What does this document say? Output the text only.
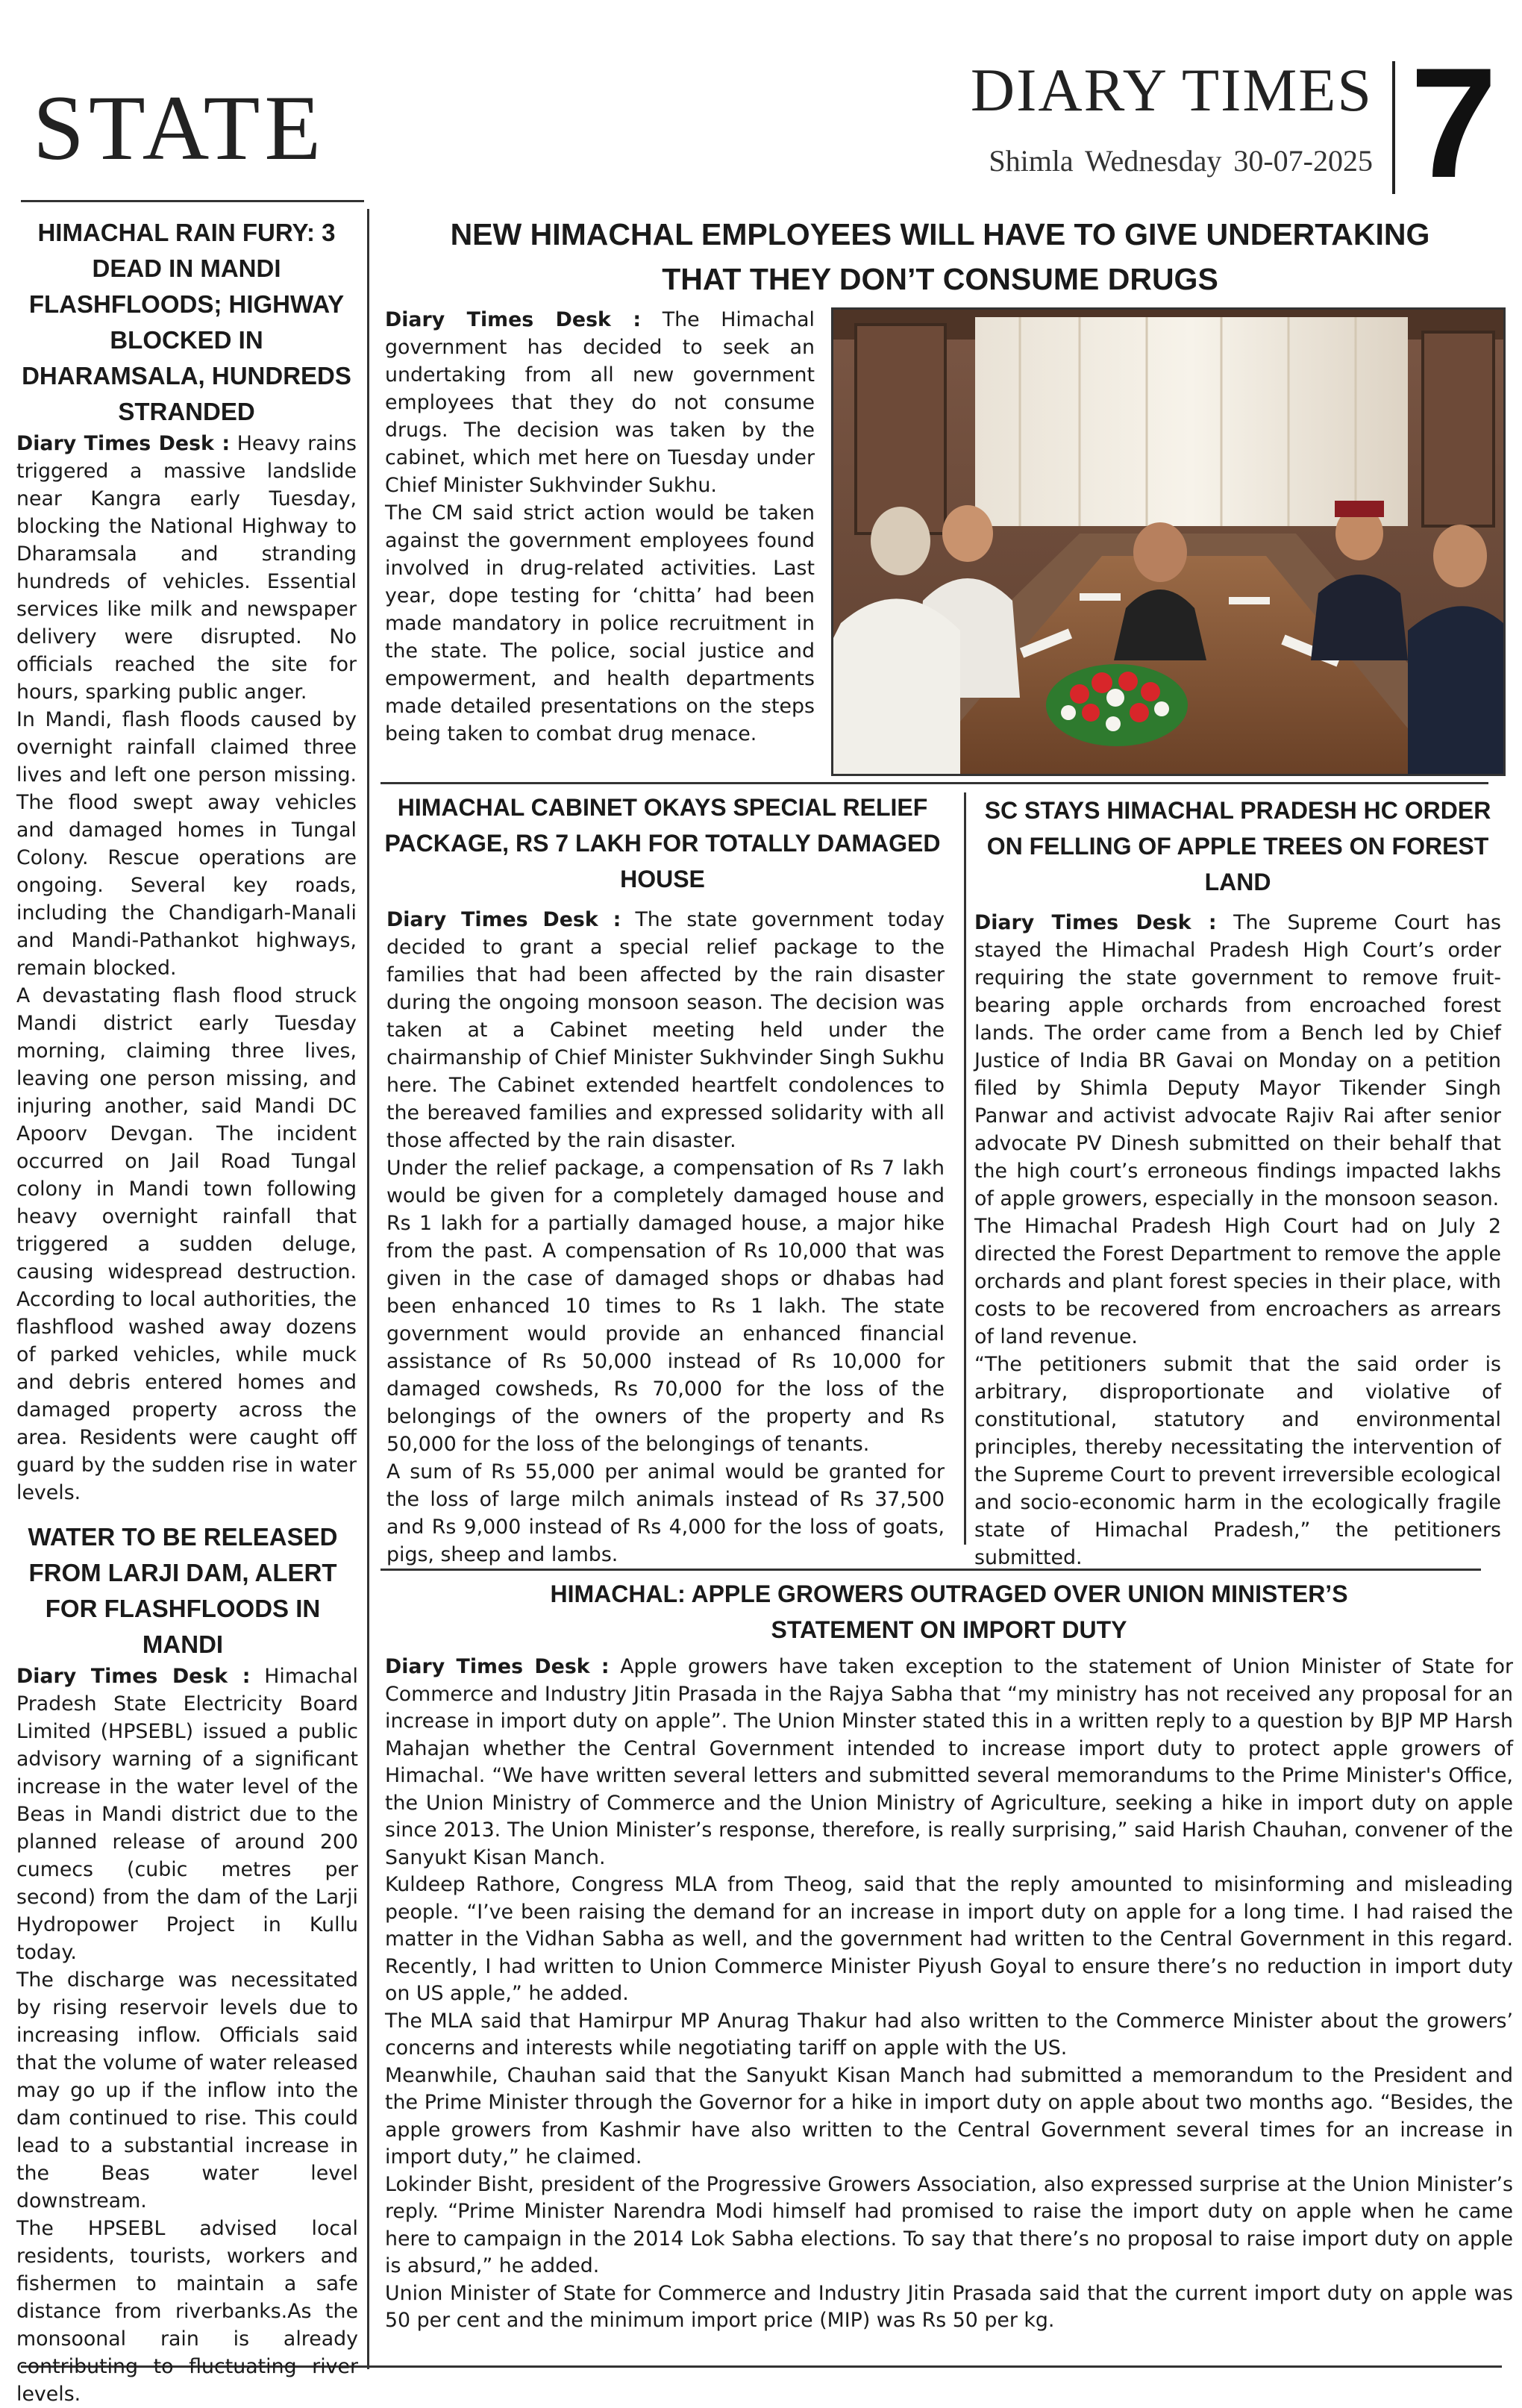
STATE	DIARY TIMES
Shimla Wednesday 30-07-2025 7
HIMACHAL RAIN FURY: 3 DEAD IN MANDI FLASHFLOODS; HIGHWAY BLOCKED IN DHARAMSALA, HUNDREDS STRANDED

Diary Times Desk : Heavy rains triggered a massive landslide near Kangra early Tuesday, blocking the National Highway to Dharamsala and stranding hundreds of vehicles. Essential services like milk and newspaper delivery were disrupted. No officials reached the site for hours, sparking public anger.

In Mandi, flash floods caused by overnight rainfall claimed three lives and left one person missing. The flood swept away vehicles and damaged homes in Tungal Colony. Rescue operations are ongoing. Several key roads, including the Chandigarh-Manali and Mandi-Pathankot highways, remain blocked.

A devastating flash flood struck Mandi district early Tuesday morning, claiming three lives, leaving one person missing, and injuring another, said Mandi DC Apoorv Devgan. The incident occurred on Jail Road Tungal colony in Mandi town following heavy overnight rainfall that triggered a sudden deluge, causing widespread destruction. According to local authorities, the flashflood washed away dozens of parked vehicles, while muck and debris entered homes and damaged property across the area. Residents were caught off guard by the sudden rise in water levels.

WATER TO BE RELEASED FROM LARJI DAM, ALERT FOR FLASHFLOODS IN MANDI

Diary Times Desk : Himachal Pradesh State Electricity Board Limited (HPSEBL) issued a public advisory warning of a significant increase in the water level of the Beas in Mandi district due to the planned release of around 200 cumecs (cubic metres per second) from the dam of the Larji Hydropower Project in Kullu today.

The discharge was necessitated by rising reservoir levels due to increasing inflow. Officials said that the volume of water released may go up if the inflow into the dam continued to rise. This could lead to a substantial increase in the Beas water level downstream.

The HPSEBL advised local residents, tourists, workers and fishermen to maintain a safe distance from riverbanks.As the monsoonal rain is already contributing to fluctuating river levels.

NEW HIMACHAL EMPLOYEES WILL HAVE TO GIVE UNDERTAKING THAT THEY DON’T CONSUME DRUGS

Diary Times Desk : The Himachal government has decided to seek an undertaking from all new government employees that they do not consume drugs. The decision was taken by the cabinet, which met here on Tuesday under Chief Minister Sukhvinder Sukhu.

The CM said strict action would be taken against the government employees found involved in drug-related activities. Last year, dope testing for ‘chitta’ had been made mandatory in police recruitment in the state. The police, social justice and empowerment, and health departments made detailed presentations on the steps being taken to combat drug menace.

HIMACHAL CABINET OKAYS SPECIAL RELIEF PACKAGE, RS 7 LAKH FOR TOTALLY DAMAGED HOUSE

Diary Times Desk : The state government today decided to grant a special relief package to the families that had been affected by the rain disaster during the ongoing monsoon season. The decision was taken at a Cabinet meeting held under the chairmanship of Chief Minister Sukhvinder Singh Sukhu here. The Cabinet extended heartfelt condolences to the bereaved families and expressed solidarity with all those affected by the rain disaster.

Under the relief package, a compensation of Rs 7 lakh would be given for a completely damaged house and Rs 1 lakh for a partially damaged house, a major hike from the past. A compensation of Rs 10,000 that was given in the case of damaged shops or dhabas had been enhanced 10 times to Rs 1 lakh. The state government would provide an enhanced financial assistance of Rs 50,000 instead of Rs 10,000 for damaged cowsheds, Rs 70,000 for the loss of the belongings of the owners of the property and Rs 50,000 for the loss of the belongings of tenants.

A sum of Rs 55,000 per animal would be granted for the loss of large milch animals instead of Rs 37,500 and Rs 9,000 instead of Rs 4,000 for the loss of goats, pigs, sheep and lambs.

SC STAYS HIMACHAL PRADESH HC ORDER ON FELLING OF APPLE TREES ON FOREST LAND

Diary Times Desk : The Supreme Court has stayed the Himachal Pradesh High Court’s order requiring the state government to remove fruit-bearing apple orchards from encroached forest lands. The order came from a Bench led by Chief Justice of India BR Gavai on Monday on a petition filed by Shimla Deputy Mayor Tikender Singh Panwar and activist advocate Rajiv Rai after senior advocate PV Dinesh submitted on their behalf that the high court’s erroneous findings impacted lakhs of apple growers, especially in the monsoon season.

The Himachal Pradesh High Court had on July 2 directed the Forest Department to remove the apple orchards and plant forest species in their place, with costs to be recovered from encroachers as arrears of land revenue.

“The petitioners submit that the said order is arbitrary, disproportionate and violative of constitutional, statutory and environmental principles, thereby necessitating the intervention of the Supreme Court to prevent irreversible ecological and socio-economic harm in the ecologically fragile state of Himachal Pradesh,” the petitioners submitted.

HIMACHAL: APPLE GROWERS OUTRAGED OVER UNION MINISTER’S STATEMENT ON IMPORT DUTY

Diary Times Desk : Apple growers have taken exception to the statement of Union Minister of State for Commerce and Industry Jitin Prasada in the Rajya Sabha that “my ministry has not received any proposal for an increase in import duty on apple”. The Union Minster stated this in a written reply to a question by BJP MP Harsh Mahajan whether the Central Government intended to increase import duty to protect apple growers of Himachal. “We have written several letters and submitted several memorandums to the Prime Minister's Office, the Union Ministry of Commerce and the Union Ministry of Agriculture, seeking a hike in import duty on apple since 2013. The Union Minister’s response, therefore, is really surprising,” said Harish Chauhan, convener of the Sanyukt Kisan Manch.

Kuldeep Rathore, Congress MLA from Theog, said that the reply amounted to misinforming and misleading people. “I’ve been raising the demand for an increase in import duty on apple for a long time. I had raised the matter in the Vidhan Sabha as well, and the government had written to the Central Government in this regard. Recently, I had written to Union Commerce Minister Piyush Goyal to ensure there’s no reduction in import duty on US apple,” he added.

The MLA said that Hamirpur MP Anurag Thakur had also written to the Commerce Minister about the growers’ concerns and interests while negotiating tariff on apple with the US.

Meanwhile, Chauhan said that the Sanyukt Kisan Manch had submitted a memorandum to the President and the Prime Minister through the Governor for a hike in import duty on apple about two months ago. “Besides, the apple growers from Kashmir have also written to the Central Government several times for an increase in import duty,” he claimed.

Lokinder Bisht, president of the Progressive Growers Association, also expressed surprise at the Union Minister’s reply. “Prime Minister Narendra Modi himself had promised to raise the import duty on apple when he came here to campaign in the 2014 Lok Sabha elections. To say that there’s no proposal to raise import duty on apple is absurd,” he added.

Union Minister of State for Commerce and Industry Jitin Prasada said that the current import duty on apple was 50 per cent and the minimum import price (MIP) was Rs 50 per kg.
